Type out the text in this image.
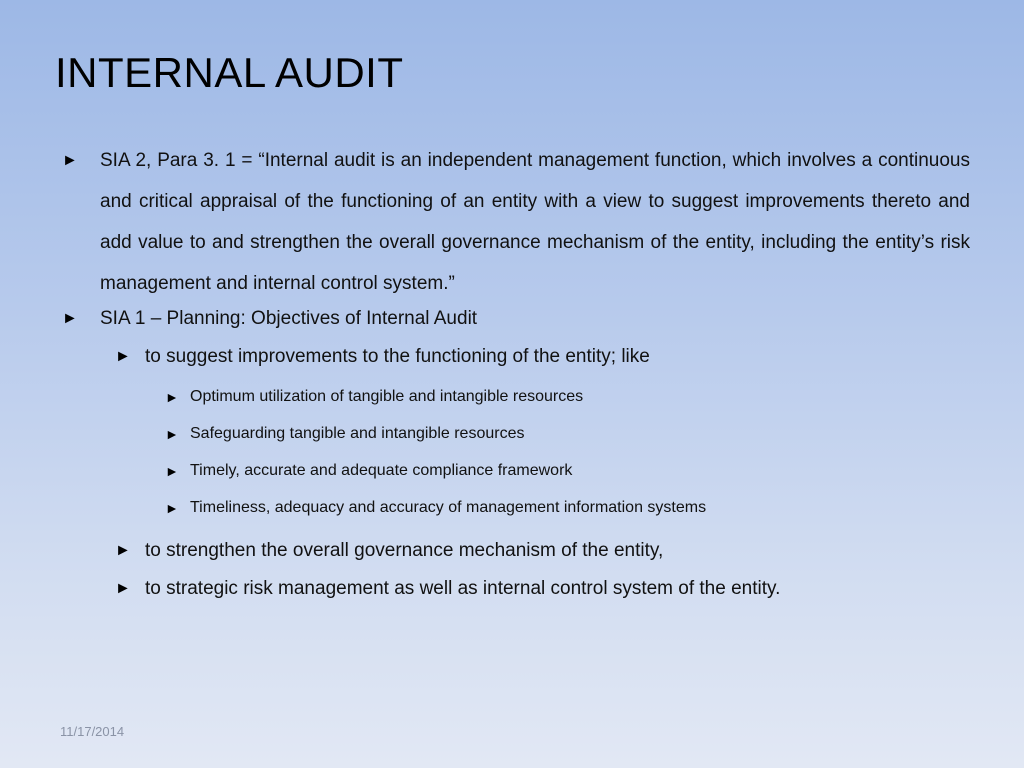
INTERNAL AUDIT
► SIA 2, Para 3. 1 = “Internal audit is an independent management function, which involves a continuous and critical appraisal of the functioning of an entity with a view to suggest improvements thereto and add value to and strengthen the overall governance mechanism of the entity, including the entity’s risk management and internal control system.”
► SIA 1 – Planning: Objectives of Internal Audit
► to suggest improvements to the functioning of the entity; like
► Optimum utilization of tangible and intangible resources
► Safeguarding tangible and intangible resources
► Timely, accurate and adequate compliance framework
► Timeliness, adequacy and accuracy of management information systems
► to strengthen the overall governance mechanism of the entity,
► to strategic risk management as well as internal control system of the entity.
11/17/2014
